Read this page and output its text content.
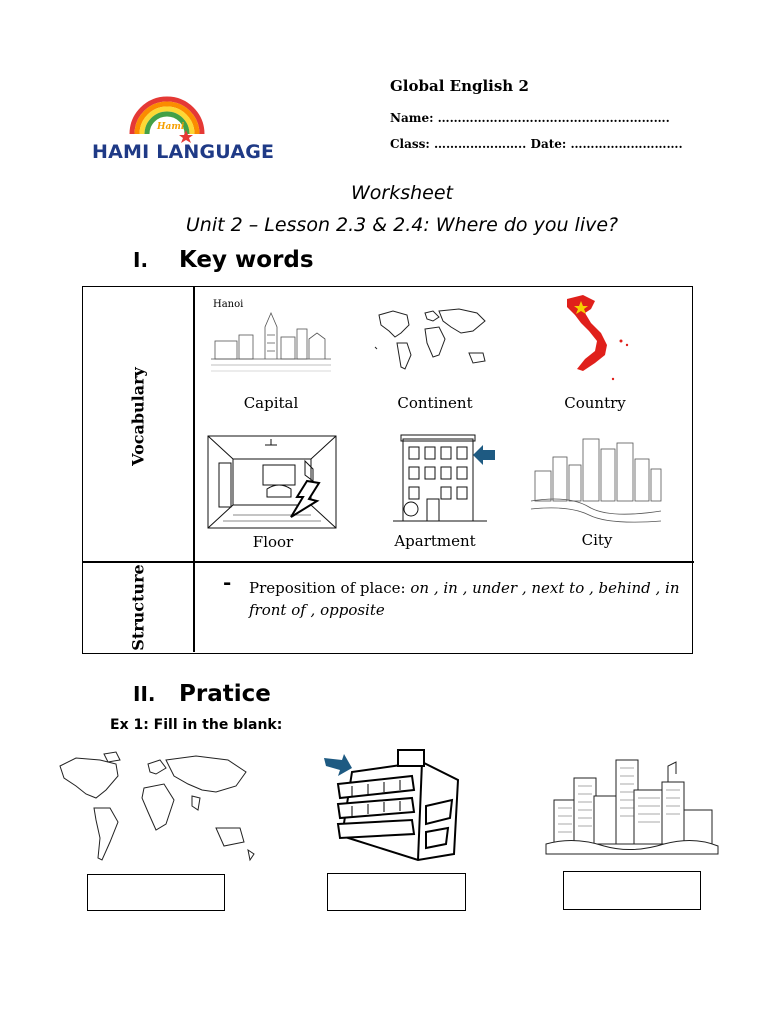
Hami
HAMI LANGUAGE
Global English 2
Name: ………………………………………………….
Class: ………………….. Date: ……………………….
Worksheet
Unit 2 – Lesson 2.3 & 2.4: Where do you live?
I. Key words
Vocabulary
Structure
Hanoi
Capital	Continent	Country
Floor	Apartment	City
- Preposition of place: on , in , under , next to , behind , in front of , opposite
II. Pratice
Ex 1: Fill in the blank:
